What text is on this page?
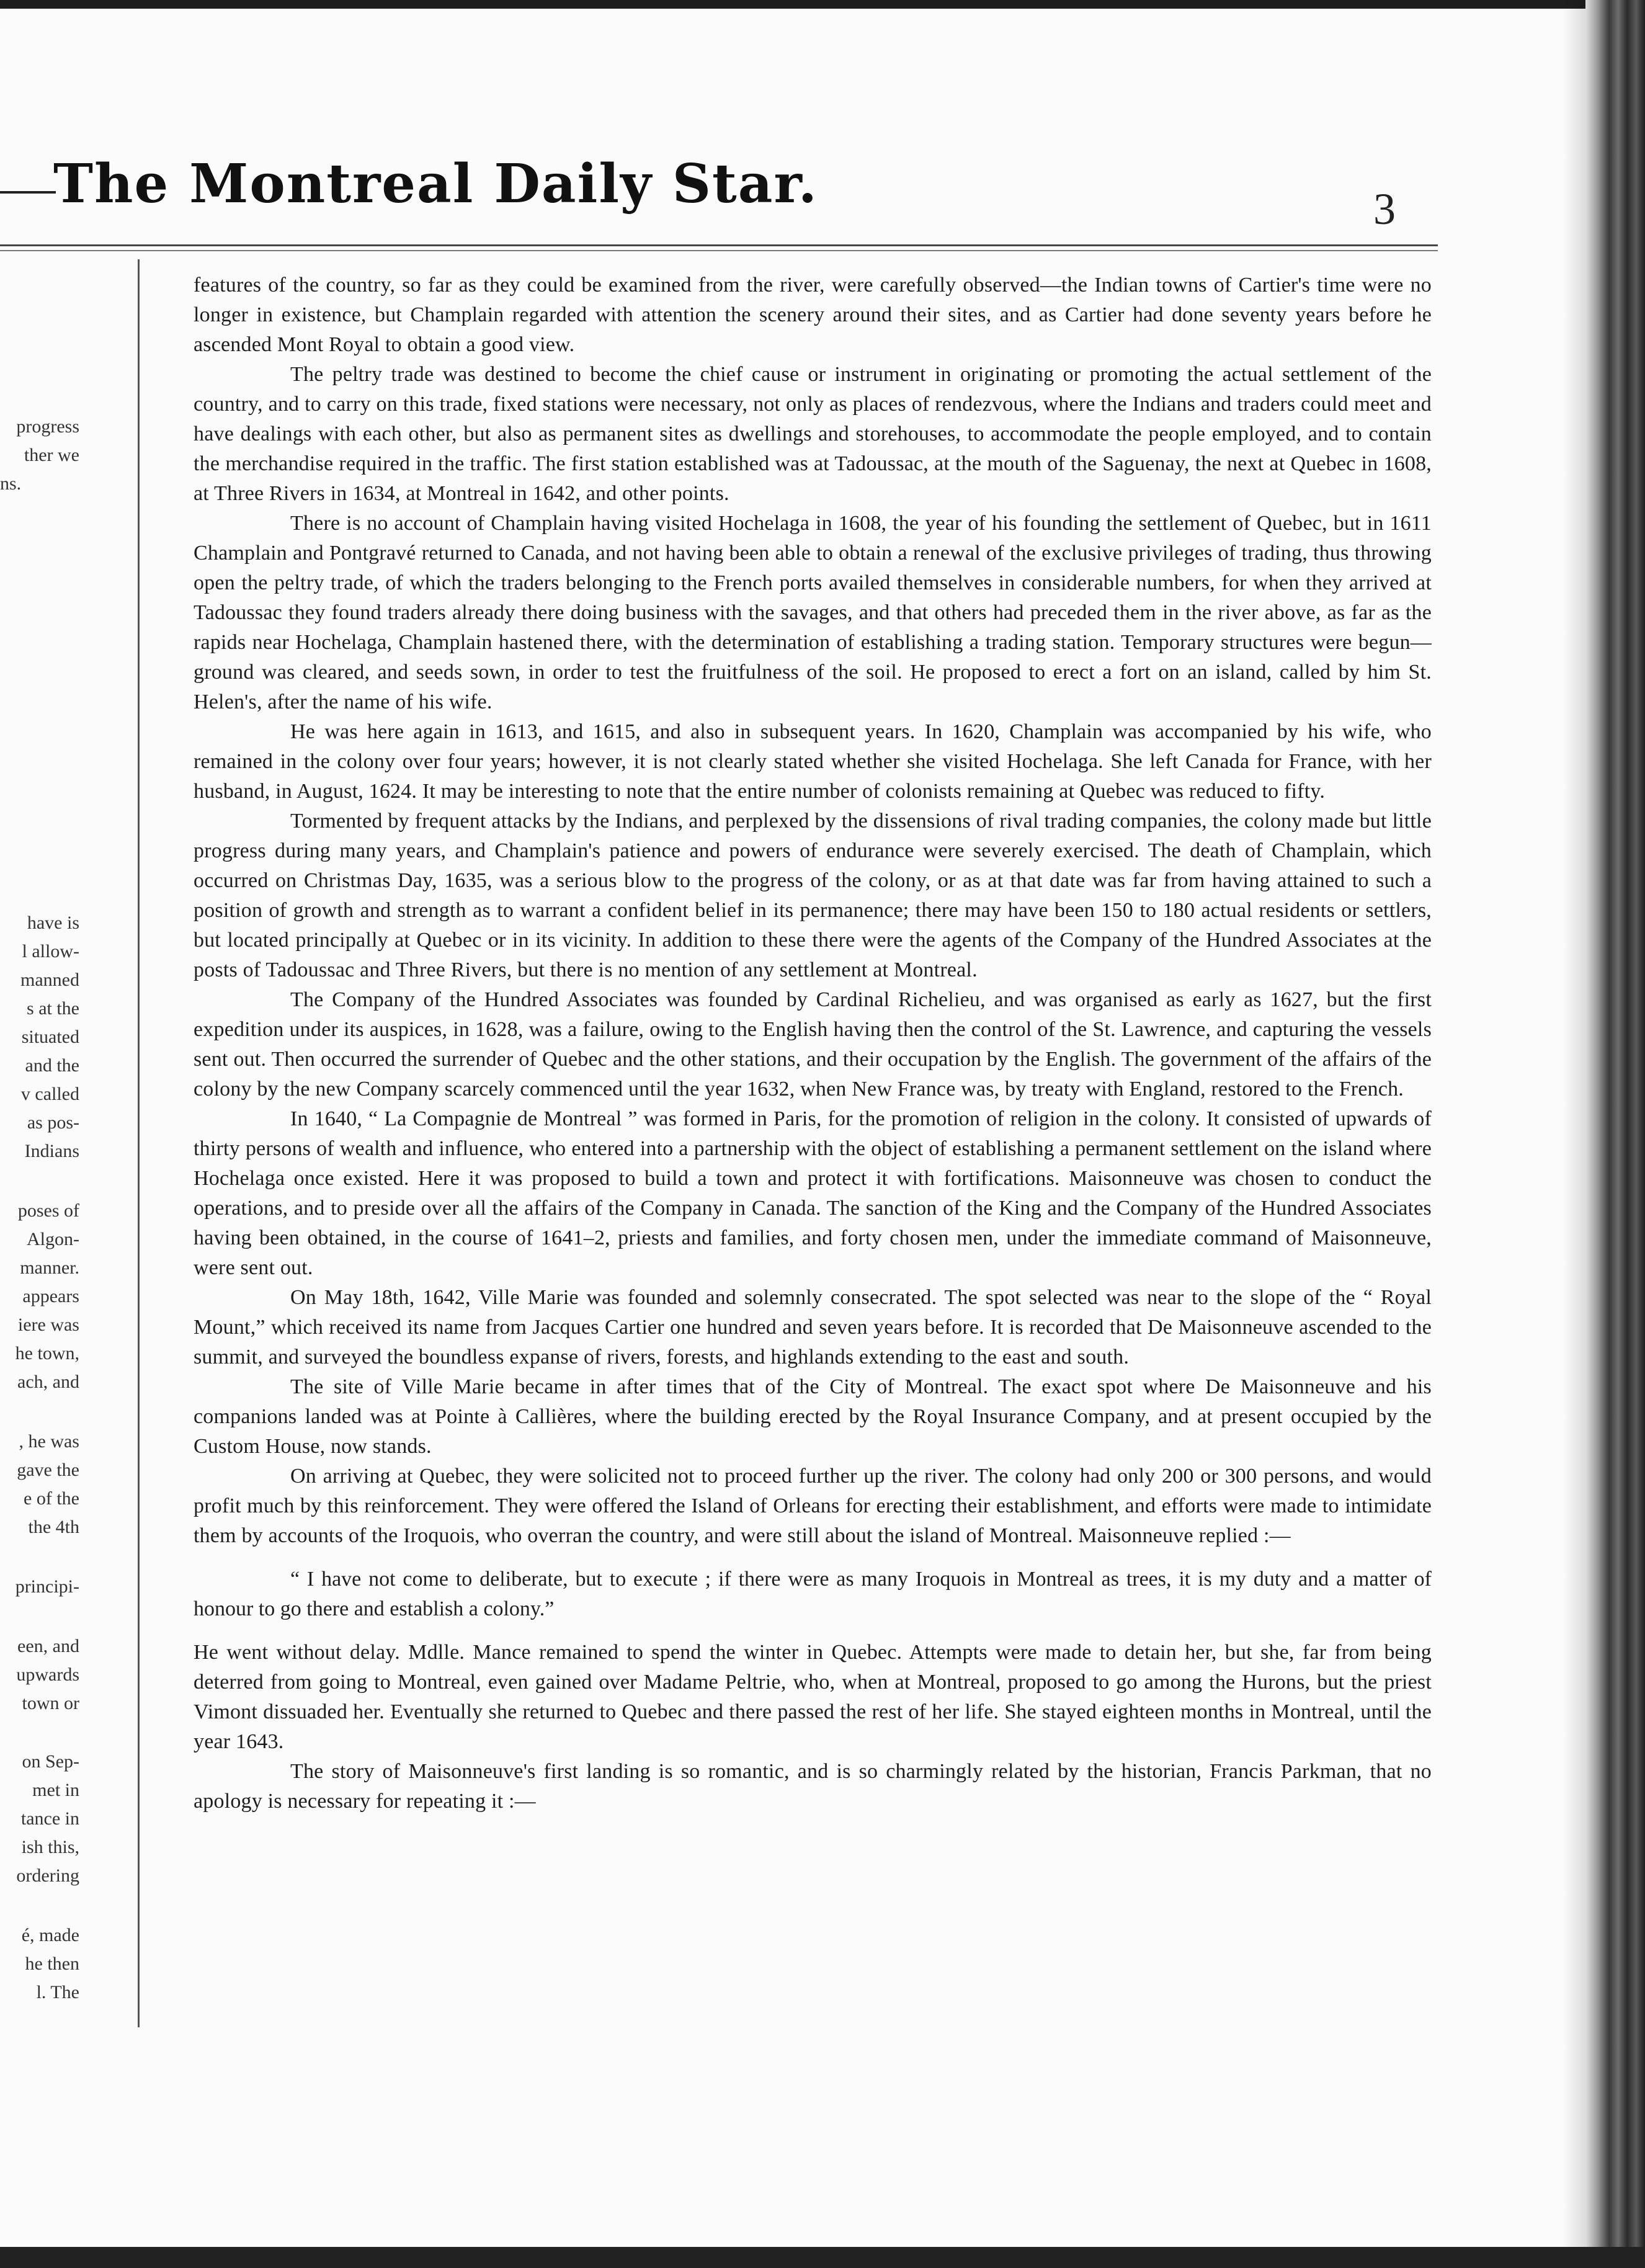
The Montreal Daily Star.	3
progress
ther we
ns.
have is
l allow-
manned
s at the
situated
and the
v called
as pos-
Indians
poses of
Algon-
manner.
appears
iere was
he town,
ach, and
, he was
gave the
e of the
the 4th
principi-
een, and
upwards
town or
on Sep-
met in
tance in
ish this,
ordering
é, made
he then
l. The

features of the country, so far as they could be examined from the river, were carefully observed—the Indian towns of Cartier's time were no longer in existence, but Champlain regarded with attention the scenery around their sites, and as Cartier had done seventy years before he ascended Mont Royal to obtain a good view.

The peltry trade was destined to become the chief cause or instrument in originating or promoting the actual settlement of the country, and to carry on this trade, fixed stations were necessary, not only as places of rendezvous, where the Indians and traders could meet and have dealings with each other, but also as permanent sites as dwellings and storehouses, to accommodate the people employed, and to contain the merchandise required in the traffic. The first station established was at Tadoussac, at the mouth of the Saguenay, the next at Quebec in 1608, at Three Rivers in 1634, at Montreal in 1642, and other points.

There is no account of Champlain having visited Hochelaga in 1608, the year of his founding the settlement of Quebec, but in 1611 Champlain and Pontgravé returned to Canada, and not having been able to obtain a renewal of the exclusive privileges of trading, thus throwing open the peltry trade, of which the traders belonging to the French ports availed themselves in considerable numbers, for when they arrived at Tadoussac they found traders already there doing business with the savages, and that others had preceded them in the river above, as far as the rapids near Hochelaga, Champlain hastened there, with the determination of establishing a trading station. Temporary structures were begun—ground was cleared, and seeds sown, in order to test the fruitfulness of the soil. He proposed to erect a fort on an island, called by him St. Helen's, after the name of his wife.

He was here again in 1613, and 1615, and also in subsequent years. In 1620, Champlain was accompanied by his wife, who remained in the colony over four years; however, it is not clearly stated whether she visited Hochelaga. She left Canada for France, with her husband, in August, 1624. It may be interesting to note that the entire number of colonists remaining at Quebec was reduced to fifty.

Tormented by frequent attacks by the Indians, and perplexed by the dissensions of rival trading companies, the colony made but little progress during many years, and Champlain's patience and powers of endurance were severely exercised. The death of Champlain, which occurred on Christmas Day, 1635, was a serious blow to the progress of the colony, or as at that date was far from having attained to such a position of growth and strength as to warrant a confident belief in its permanence; there may have been 150 to 180 actual residents or settlers, but located principally at Quebec or in its vicinity. In addition to these there were the agents of the Company of the Hundred Associates at the posts of Tadoussac and Three Rivers, but there is no mention of any settlement at Montreal.

The Company of the Hundred Associates was founded by Cardinal Richelieu, and was organised as early as 1627, but the first expedition under its auspices, in 1628, was a failure, owing to the English having then the control of the St. Lawrence, and capturing the vessels sent out. Then occurred the surrender of Quebec and the other stations, and their occupation by the English. The government of the affairs of the colony by the new Company scarcely commenced until the year 1632, when New France was, by treaty with England, restored to the French.

In 1640, “ La Compagnie de Montreal ” was formed in Paris, for the promotion of religion in the colony. It consisted of upwards of thirty persons of wealth and influence, who entered into a partnership with the object of establishing a permanent settlement on the island where Hochelaga once existed. Here it was proposed to build a town and protect it with fortifications. Maisonneuve was chosen to conduct the operations, and to preside over all the affairs of the Company in Canada. The sanction of the King and the Company of the Hundred Associates having been obtained, in the course of 1641–2, priests and families, and forty chosen men, under the immediate command of Maisonneuve, were sent out.

On May 18th, 1642, Ville Marie was founded and solemnly consecrated. The spot selected was near to the slope of the “ Royal Mount,” which received its name from Jacques Cartier one hundred and seven years before. It is recorded that De Maisonneuve ascended to the summit, and surveyed the boundless expanse of rivers, forests, and highlands extending to the east and south.

The site of Ville Marie became in after times that of the City of Montreal. The exact spot where De Maisonneuve and his companions landed was at Pointe à Callières, where the building erected by the Royal Insurance Company, and at present occupied by the Custom House, now stands.

On arriving at Quebec, they were solicited not to proceed further up the river. The colony had only 200 or 300 persons, and would profit much by this reinforcement. They were offered the Island of Orleans for erecting their establishment, and efforts were made to intimidate them by accounts of the Iroquois, who overran the country, and were still about the island of Montreal. Maisonneuve replied :—

“ I have not come to deliberate, but to execute ; if there were as many Iroquois in Montreal as trees, it is my duty and a matter of honour to go there and establish a colony.”

He went without delay. Mdlle. Mance remained to spend the winter in Quebec. Attempts were made to detain her, but she, far from being deterred from going to Montreal, even gained over Madame Peltrie, who, when at Montreal, proposed to go among the Hurons, but the priest Vimont dissuaded her. Eventually she returned to Quebec and there passed the rest of her life. She stayed eighteen months in Montreal, until the year 1643.

The story of Maisonneuve's first landing is so romantic, and is so charmingly related by the historian, Francis Parkman, that no apology is necessary for repeating it :—
